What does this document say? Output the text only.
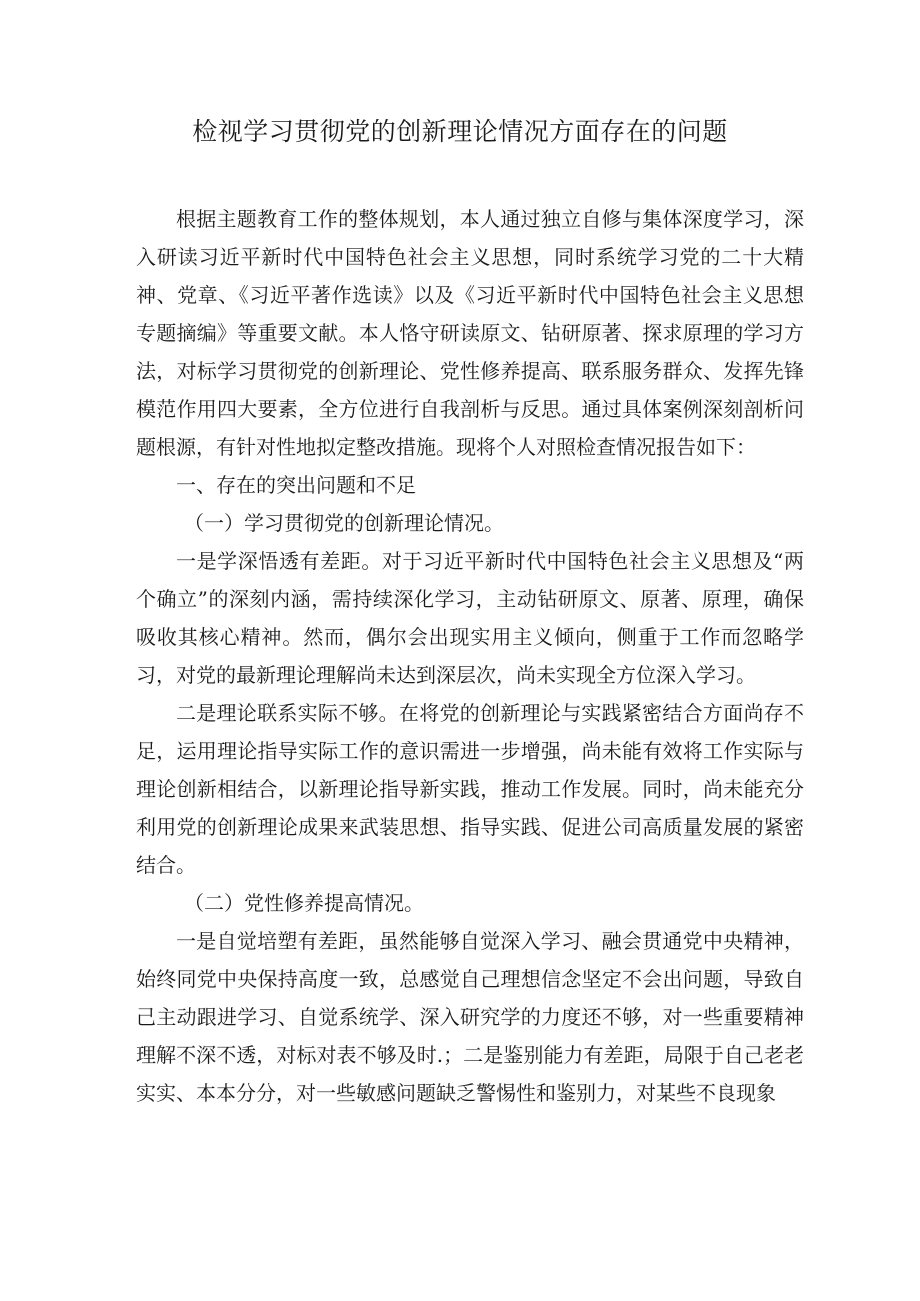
检视学习贯彻党的创新理论情况方面存在的问题

根据主题教育工作的整体规划，本人通过独立自修与集体深度学习，深入研读习近平新时代中国特色社会主义思想，同时系统学习党的二十大精神、党章、《习近平著作选读》以及《习近平新时代中国特色社会主义思想专题摘编》等重要文献。本人恪守研读原文、钻研原著、探求原理的学习方法，对标学习贯彻党的创新理论、党性修养提高、联系服务群众、发挥先锋模范作用四大要素，全方位进行自我剖析与反思。通过具体案例深刻剖析问题根源，有针对性地拟定整改措施。现将个人对照检查情况报告如下：

一、存在的突出问题和不足

（一）学习贯彻党的创新理论情况。

一是学深悟透有差距。对于习近平新时代中国特色社会主义思想及“两个确立”的深刻内涵，需持续深化学习，主动钻研原文、原著、原理，确保吸收其核心精神。然而，偶尔会出现实用主义倾向，侧重于工作而忽略学习，对党的最新理论理解尚未达到深层次，尚未实现全方位深入学习。

二是理论联系实际不够。在将党的创新理论与实践紧密结合方面尚存不足，运用理论指导实际工作的意识需进一步增强，尚未能有效将工作实际与理论创新相结合，以新理论指导新实践，推动工作发展。同时，尚未能充分利用党的创新理论成果来武装思想、指导实践、促进公司高质量发展的紧密结合。

（二）党性修养提高情况。

一是自觉培塑有差距，虽然能够自觉深入学习、融会贯通党中央精神，始终同党中央保持高度一致，总感觉自己理想信念坚定不会出问题，导致自己主动跟进学习、自觉系统学、深入研究学的力度还不够，对一些重要精神理解不深不透，对标对表不够及时.；二是鉴别能力有差距，局限于自己老老实实、本本分分，对一些敏感问题缺乏警惕性和鉴别力，对某些不良现象
